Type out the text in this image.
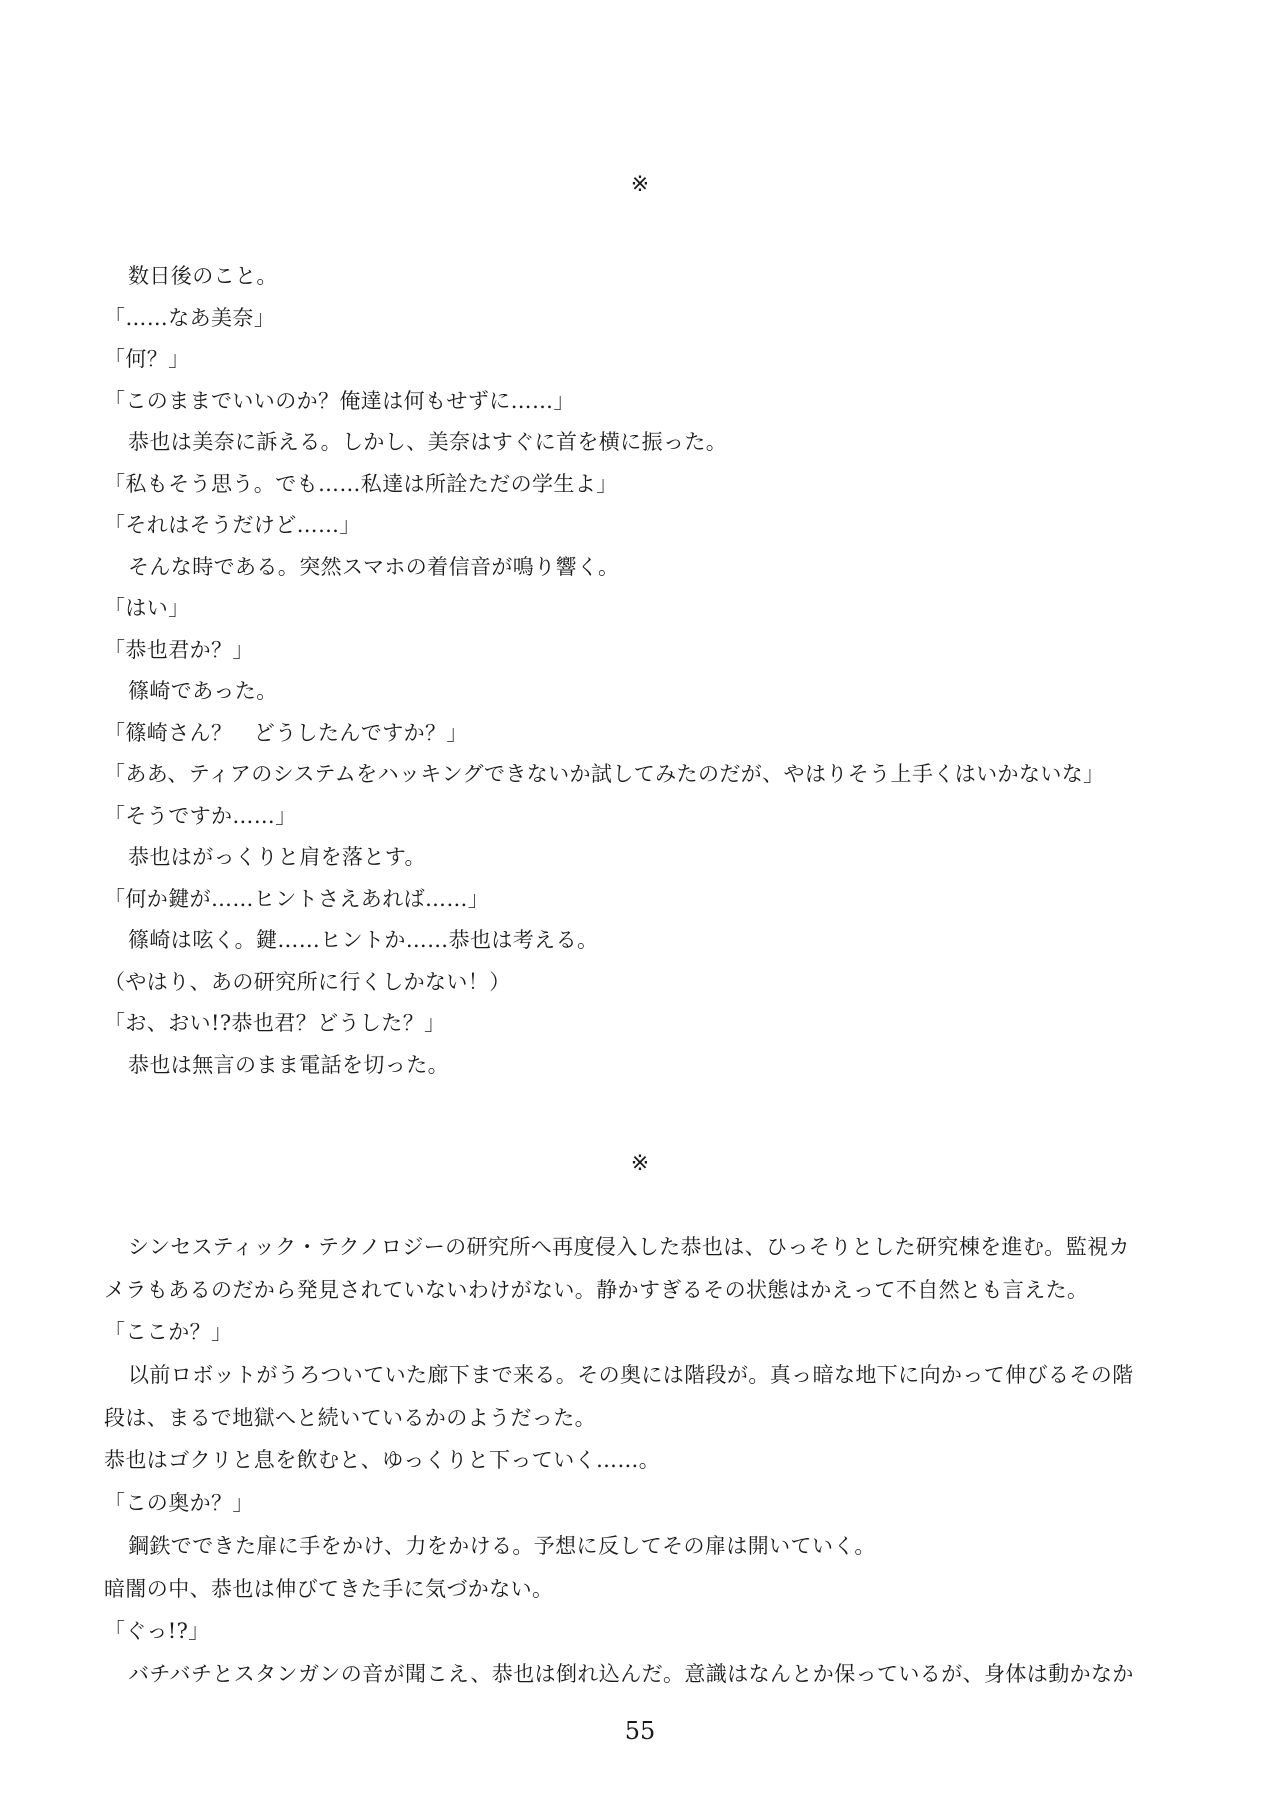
※
数日後のこと。
「……なあ美奈」
「何？」
「このままでいいのか？俺達は何もせずに……」
恭也は美奈に訴える。しかし、美奈はすぐに首を横に振った。
「私もそう思う。でも……私達は所詮ただの学生よ」
「それはそうだけど……」
そんな時である。突然スマホの着信音が鳴り響く。
「はい」
「恭也君か？」
篠崎であった。
「篠崎さん？　どうしたんですか？」
「ああ、ティアのシステムをハッキングできないか試してみたのだが、やはりそう上手くはいかないな」
「そうですか……」
恭也はがっくりと肩を落とす。
「何か鍵が……ヒントさえあれば……」
篠崎は呟く。鍵……ヒントか……恭也は考える。
（やはり、あの研究所に行くしかない！）
「お、おい!?恭也君？どうした？」
恭也は無言のまま電話を切った。
※
シンセスティック・テクノロジーの研究所へ再度侵入した恭也は、ひっそりとした研究棟を進む。監視カ
メラもあるのだから発見されていないわけがない。静かすぎるその状態はかえって不自然とも言えた。
「ここか？」
以前ロボットがうろついていた廊下まで来る。その奥には階段が。真っ暗な地下に向かって伸びるその階
段は、まるで地獄へと続いているかのようだった。
恭也はゴクリと息を飲むと、ゆっくりと下っていく……。
「この奥か？」
鋼鉄でできた扉に手をかけ、力をかける。予想に反してその扉は開いていく。
暗闇の中、恭也は伸びてきた手に気づかない。
「ぐっ!?」
バチバチとスタンガンの音が聞こえ、恭也は倒れ込んだ。意識はなんとか保っているが、身体は動かなか
55
